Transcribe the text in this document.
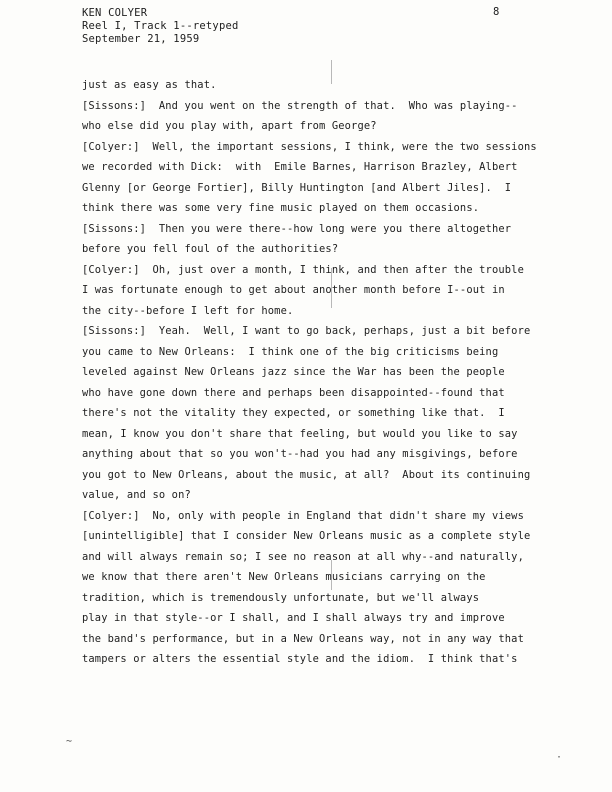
KEN COLYER
Reel I, Track 1--retyped
September 21, 1959
8
just as easy as that.
[Sissons:]  And you went on the strength of that.  Who was playing--
who else did you play with, apart from George?
[Colyer:]  Well, the important sessions, I think, were the two sessions
we recorded with Dick:  with  Emile Barnes, Harrison Brazley, Albert
Glenny [or George Fortier], Billy Huntington [and Albert Jiles].  I
think there was some very fine music played on them occasions.
[Sissons:]  Then you were there--how long were you there altogether
before you fell foul of the authorities?
[Colyer:]  Oh, just over a month, I think, and then after the trouble
I was fortunate enough to get about another month before I--out in
the city--before I left for home.
[Sissons:]  Yeah.  Well, I want to go back, perhaps, just a bit before
you came to New Orleans:  I think one of the big criticisms being
leveled against New Orleans jazz since the War has been the people
who have gone down there and perhaps been disappointed--found that
there's not the vitality they expected, or something like that.  I
mean, I know you don't share that feeling, but would you like to say
anything about that so you won't--had you had any misgivings, before
you got to New Orleans, about the music, at all?  About its continuing
value, and so on?
[Colyer:]  No, only with people in England that didn't share my views
[unintelligible] that I consider New Orleans music as a complete style
and will always remain so; I see no reason at all why--and naturally,
we know that there aren't New Orleans musicians carrying on the
tradition, which is tremendously unfortunate, but we'll always
play in that style--or I shall, and I shall always try and improve
the band's performance, but in a New Orleans way, not in any way that
tampers or alters the essential style and the idiom.  I think that's
∼
·
